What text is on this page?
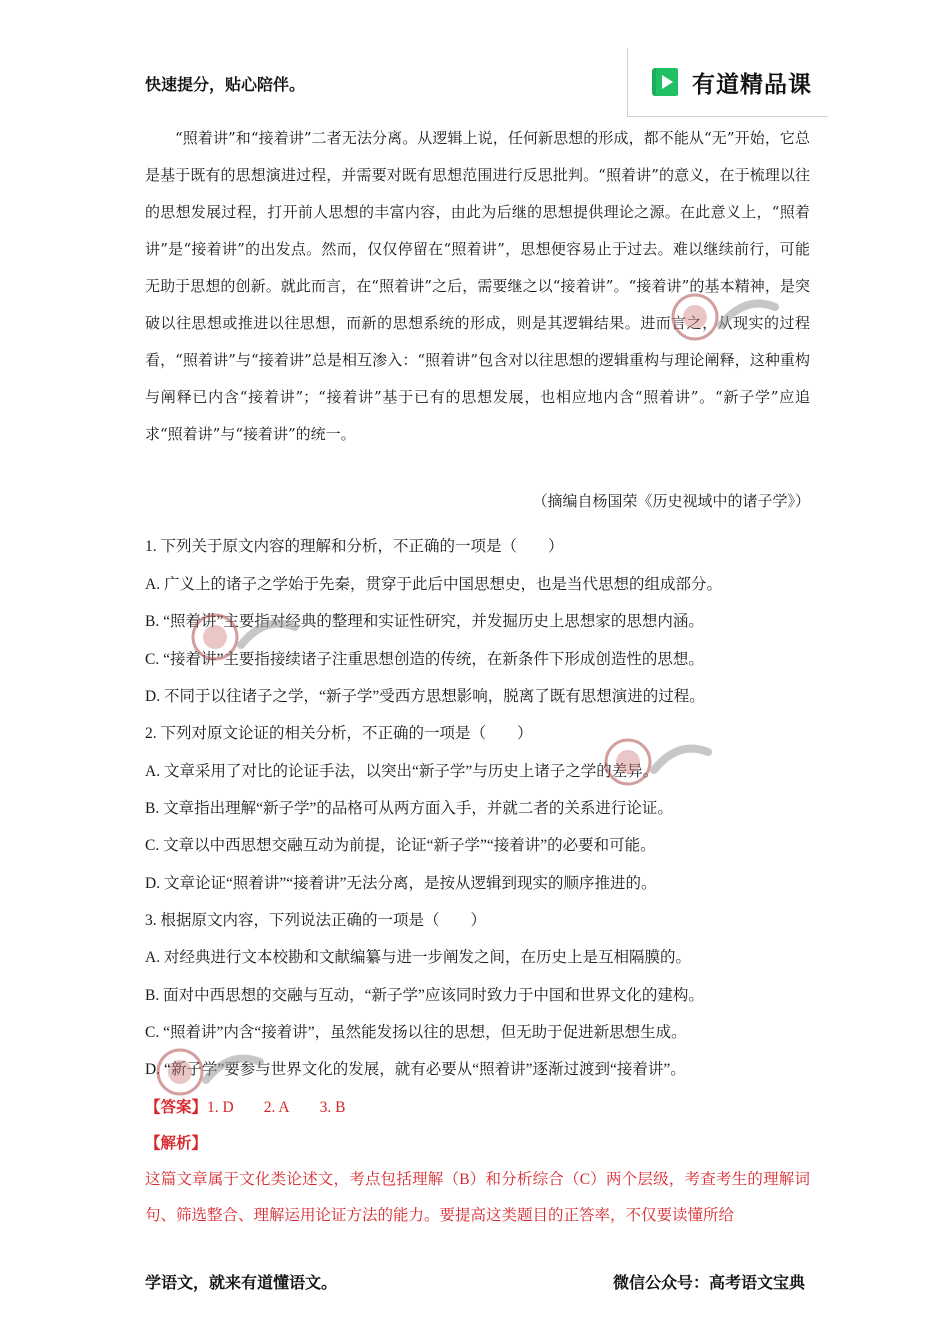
快速提分，贴心陪伴。	有道精品课

“照着讲”和“接着讲”二者无法分离。从逻辑上说，任何新思想的形成，都不能从“无”开始，它总是基于既有的思想演进过程，并需要对既有思想范围进行反思批判。“照着讲”的意义，在于梳理以往的思想发展过程，打开前人思想的丰富内容，由此为后继的思想提供理论之源。在此意义上，“照着讲”是“接着讲”的出发点。然而，仅仅停留在“照着讲”，思想便容易止于过去。难以继续前行，可能无助于思想的创新。就此而言，在“照着讲”之后，需要继之以“接着讲”。“接着讲”的基本精神，是突破以往思想或推进以往思想，而新的思想系统的形成，则是其逻辑结果。进而言之，从现实的过程看，“照着讲”与“接着讲”总是相互渗入：“照着讲”包含对以往思想的逻辑重构与理论阐释，这种重构与阐释已内含“接着讲”；“接着讲”基于已有的思想发展，也相应地内含“照着讲”。“新子学”应追求“照着讲”与“接着讲”的统一。

（摘编自杨国荣《历史视域中的诸子学》）
1. 下列关于原文内容的理解和分析，不正确的一项是（　　）
A. 广义上的诸子之学始于先秦，贯穿于此后中国思想史，也是当代思想的组成部分。
B. “照着讲”主要指对经典的整理和实证性研究，并发掘历史上思想家的思想内涵。
C. “接着讲”主要指接续诸子注重思想创造的传统，在新条件下形成创造性的思想。
D. 不同于以往诸子之学，“新子学”受西方思想影响，脱离了既有思想演进的过程。
2. 下列对原文论证的相关分析，不正确的一项是（　　）
A. 文章采用了对比的论证手法，以突出“新子学”与历史上诸子之学的差异。
B. 文章指出理解“新子学”的品格可从两方面入手，并就二者的关系进行论证。
C. 文章以中西思想交融互动为前提，论证“新子学”“接着讲”的必要和可能。
D. 文章论证“照着讲”“接着讲”无法分离，是按从逻辑到现实的顺序推进的。
3. 根据原文内容，下列说法正确的一项是（　　）
A. 对经典进行文本校勘和文献编纂与进一步阐发之间，在历史上是互相隔膜的。
B. 面对中西思想的交融与互动，“新子学”应该同时致力于中国和世界文化的建构。
C. “照着讲”内含“接着讲”，虽然能发扬以往的思想，但无助于促进新思想生成。
D. “新子学”要参与世界文化的发展，就有必要从“照着讲”逐渐过渡到“接着讲”。
【答案】1. D 2. A 3. B
【解析】

这篇文章属于文化类论述文，考点包括理解（B）和分析综合（C）两个层级，考查考生的理解词句、筛选整合、理解运用论证方法的能力。要提高这类题目的正答率，不仅要读懂所给

学语文，就来有道懂语文。	微信公众号：高考语文宝典
